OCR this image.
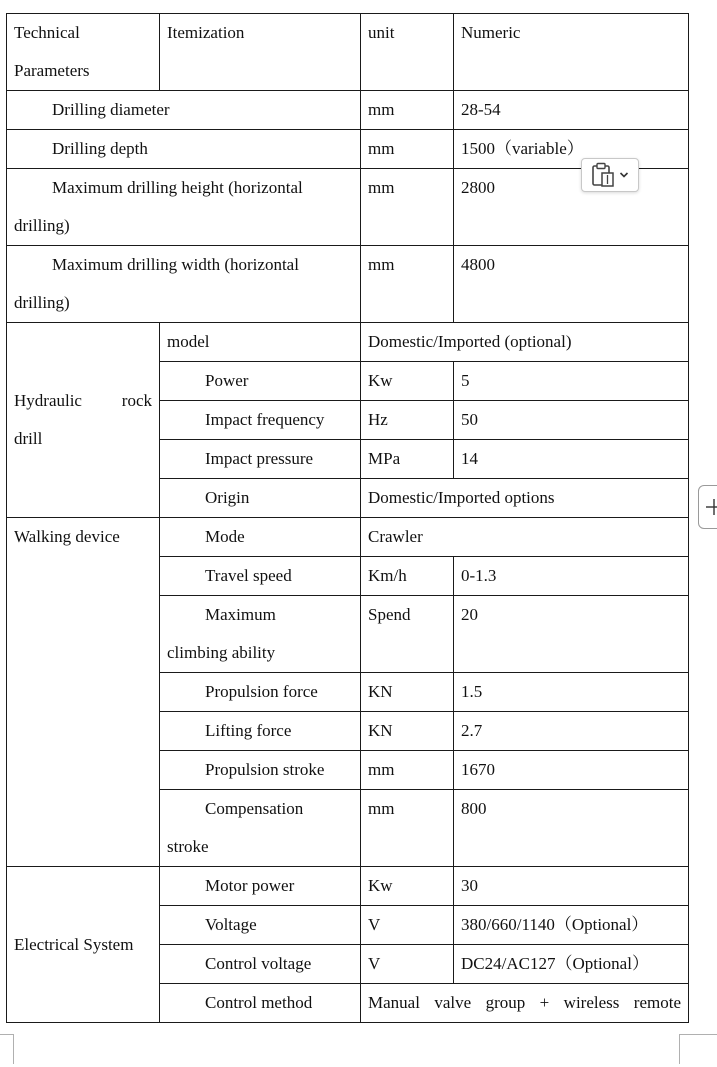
Technical Parameters	Itemization	unit	Numeric
Drilling diameter		mm	28-54
Drilling depth		mm	1500（variable）

Maximum drilling height (horizontal
drilling)		mm	2800

Maximum drilling width (horizontal
drilling)		mm	4800

Hydraulic rock
drill	model	Domestic/Imported (optional)	
	Power	Kw	5
	Impact frequency	Hz	50
	Impact pressure	MPa	14
	Origin	Domestic/Imported options	
Walking device	Mode	Crawler	
	Travel speed	Km/h	0-1.3

	Maximum
climbing ability	Spend	20
	Propulsion force	KN	1.5
	Lifting force	KN	2.7
	Propulsion stroke	mm	1670

	Compensation
stroke	mm	800
Electrical System	Motor power	Kw	30
	Voltage	V	380/660/1140（Optional）
	Control voltage	V	DC24/AC127（Optional）
	Control method	Manual valve group + wireless remote	
